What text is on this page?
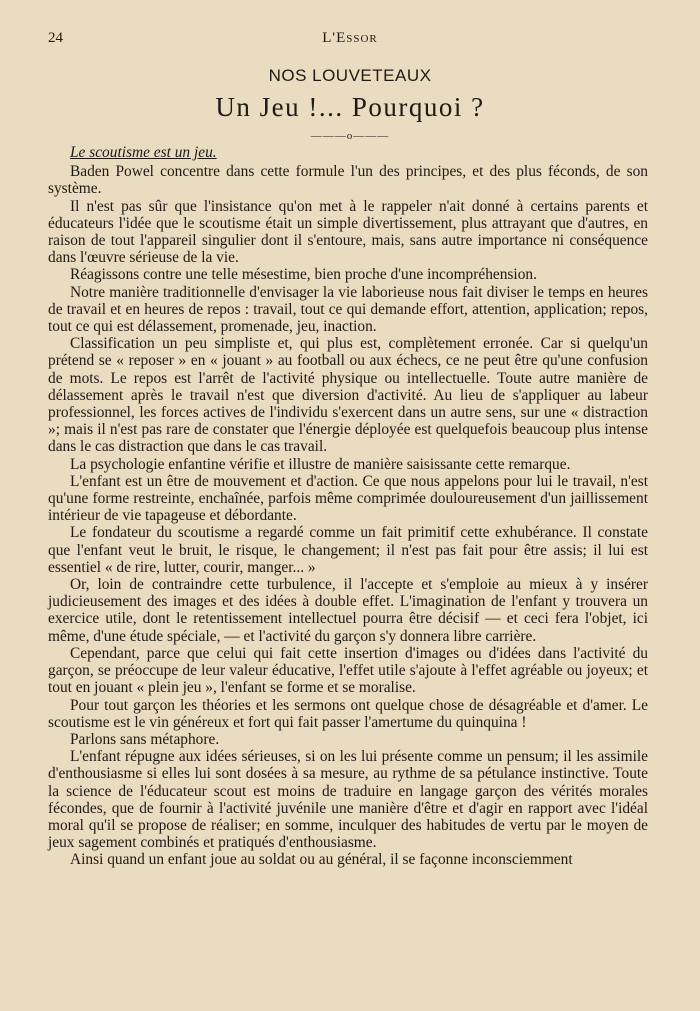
24	L'Essor
NOS LOUVETEAUX
Un Jeu !... Pourquoi ?
———o———

Le scoutisme est un jeu.

Baden Powel concentre dans cette formule l'un des principes, et des plus féconds, de son système.

Il n'est pas sûr que l'insistance qu'on met à le rappeler n'ait donné à certains parents et éducateurs l'idée que le scoutisme était un simple divertissement, plus attrayant que d'autres, en raison de tout l'appareil singulier dont il s'entoure, mais, sans autre importance ni conséquence dans l'œuvre sérieuse de la vie.

Réagissons contre une telle mésestime, bien proche d'une incompréhension.

Notre manière traditionnelle d'envisager la vie laborieuse nous fait diviser le temps en heures de travail et en heures de repos : travail, tout ce qui demande effort, attention, application; repos, tout ce qui est délassement, promenade, jeu, inaction.

Classification un peu simpliste et, qui plus est, complètement erronée. Car si quelqu'un prétend se « reposer » en « jouant » au football ou aux échecs, ce ne peut être qu'une confusion de mots. Le repos est l'arrêt de l'activité physique ou intellectuelle. Toute autre manière de délassement après le travail n'est que diversion d'activité. Au lieu de s'appliquer au labeur professionnel, les forces actives de l'individu s'exercent dans un autre sens, sur une « distraction »; mais il n'est pas rare de constater que l'énergie déployée est quelquefois beaucoup plus intense dans le cas distraction que dans le cas travail.

La psychologie enfantine vérifie et illustre de manière saisissante cette remarque.

L'enfant est un être de mouvement et d'action. Ce que nous appelons pour lui le travail, n'est qu'une forme restreinte, enchaînée, parfois même comprimée douloureusement d'un jaillissement intérieur de vie tapageuse et débordante.

Le fondateur du scoutisme a regardé comme un fait primitif cette exhubérance. Il constate que l'enfant veut le bruit, le risque, le changement; il n'est pas fait pour être assis; il lui est essentiel « de rire, lutter, courir, manger... »

Or, loin de contraindre cette turbulence, il l'accepte et s'emploie au mieux à y insérer judicieusement des images et des idées à double effet. L'imagination de l'enfant y trouvera un exercice utile, dont le retentissement intellectuel pourra être décisif — et ceci fera l'objet, ici même, d'une étude spéciale, — et l'activité du garçon s'y donnera libre carrière.

Cependant, parce que celui qui fait cette insertion d'images ou d'idées dans l'activité du garçon, se préoccupe de leur valeur éducative, l'effet utile s'ajoute à l'effet agréable ou joyeux; et tout en jouant « plein jeu », l'enfant se forme et se moralise.

Pour tout garçon les théories et les sermons ont quelque chose de désagréable et d'amer. Le scoutisme est le vin généreux et fort qui fait passer l'amertume du quinquina !

Parlons sans métaphore.

L'enfant répugne aux idées sérieuses, si on les lui présente comme un pensum; il les assimile d'enthousiasme si elles lui sont dosées à sa mesure, au rythme de sa pétulance instinctive. Toute la science de l'éducateur scout est moins de traduire en langage garçon des vérités morales fécondes, que de fournir à l'activité juvénile une manière d'être et d'agir en rapport avec l'idéal moral qu'il se propose de réaliser; en somme, inculquer des habitudes de vertu par le moyen de jeux sagement combinés et pratiqués d'enthousiasme.

Ainsi quand un enfant joue au soldat ou au général, il se façonne inconsciemment
